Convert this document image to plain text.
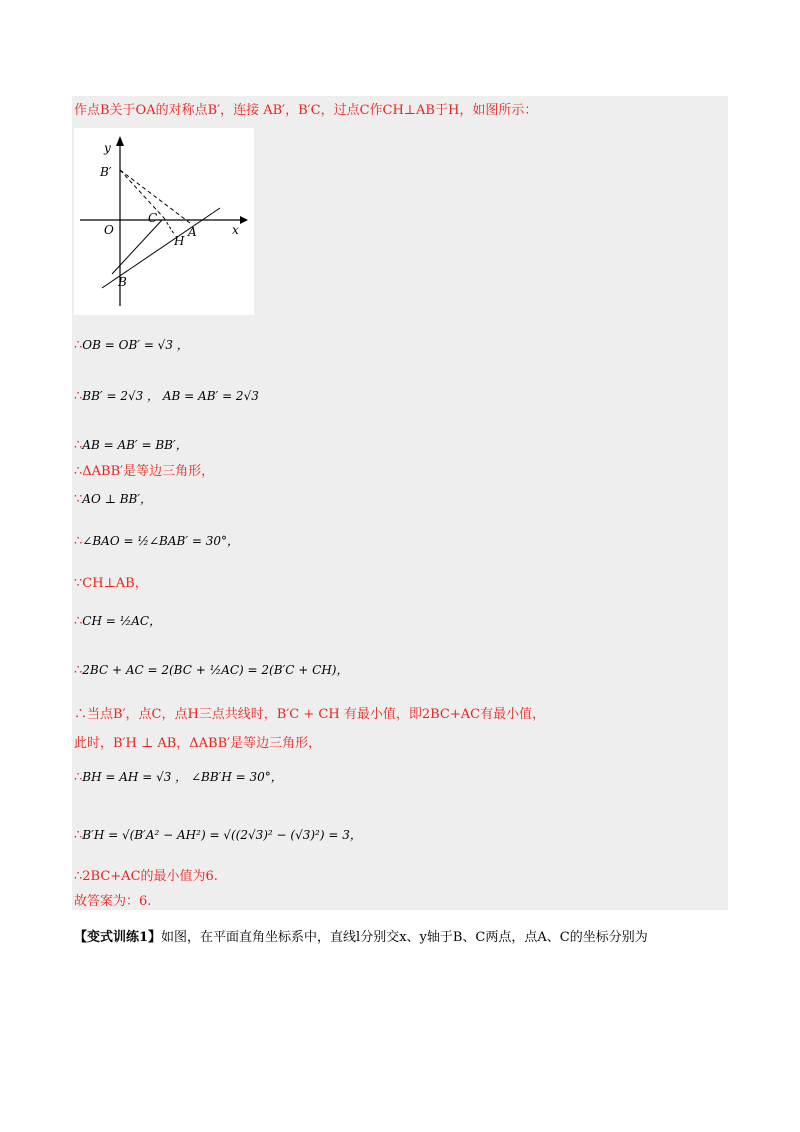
作点B关于OA的对称点B′，连接 AB′，B′C，过点C作CH⊥AB于H，如图所示：
y
x
O	A
B
B′
C
H
∴OB = OB′ = √3 ，
∴BB′ = 2√3 ， AB = AB′ = 2√3
∴AB = AB′ = BB′，
∴ΔABB′是等边三角形，
∵AO ⊥ BB′，
∴∠BAO = ½∠BAB′ = 30°，
∵CH⊥AB，
∴CH = ½AC，
∴2BC + AC = 2(BC + ½AC) = 2(B′C + CH)，
∴当点B′，点C，点H三点共线时，B′C + CH 有最小值，即2BC+AC有最小值，
此时，B′H ⊥ AB，ΔABB′是等边三角形，
∴BH = AH = √3 ， ∠BB′H = 30°，
∴B′H = √(B′A² − AH²) = √((2√3)² − (√3)²) = 3，
∴2BC+AC的最小值为6.
故答案为：6.
【变式训练1】如图，在平面直角坐标系中，直线l分别交x、y轴于B、C两点，点A、C的坐标分别为
